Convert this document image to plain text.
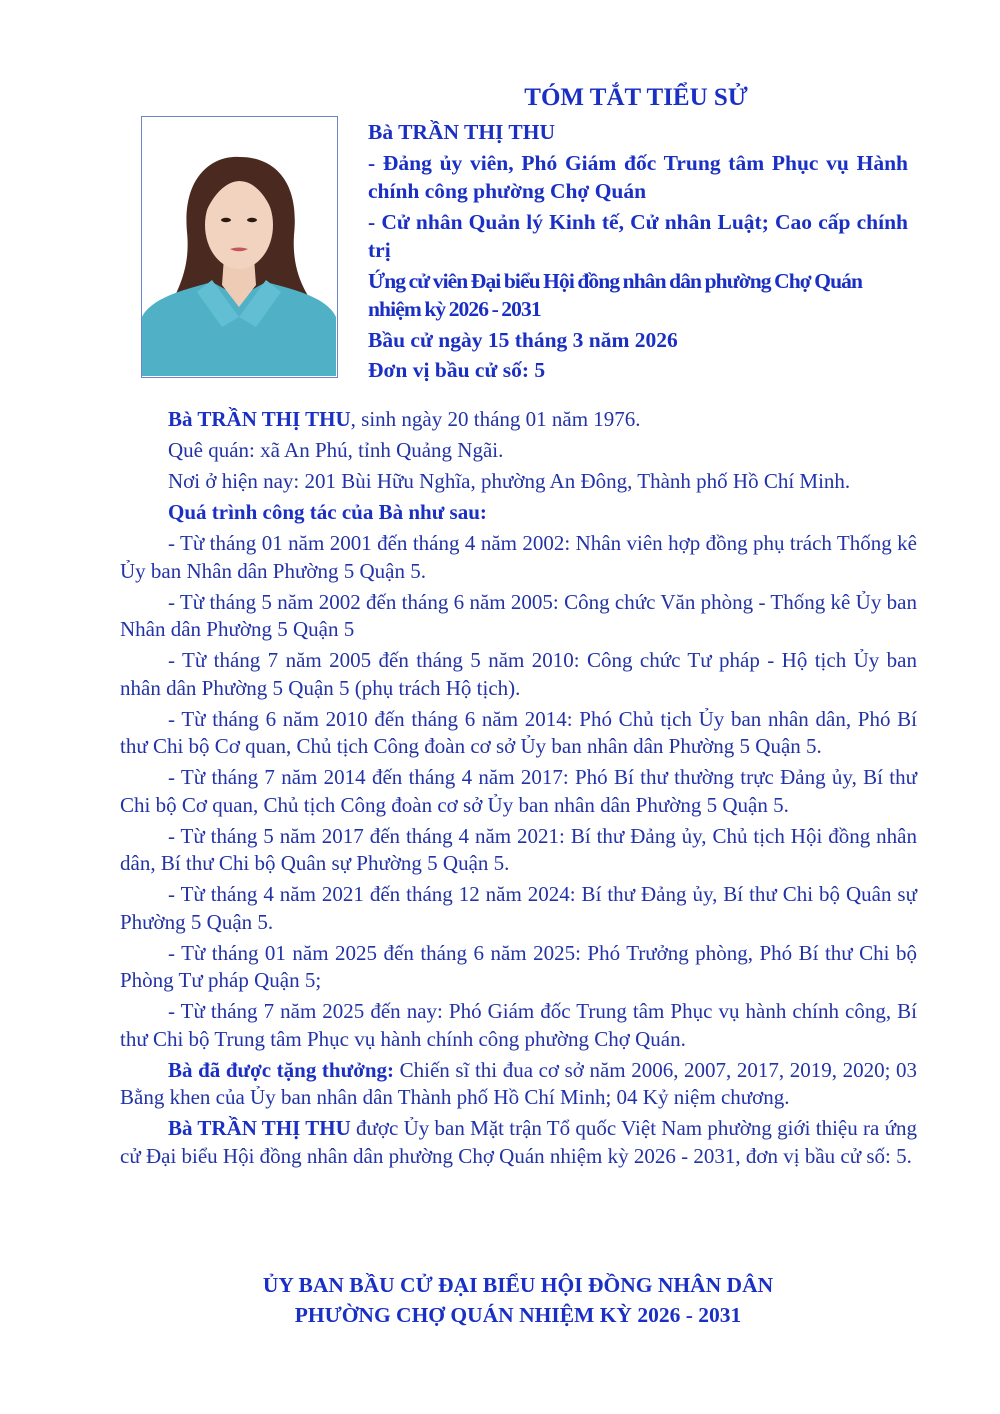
TÓM TẮT TIỂU SỬ
Bà TRẦN THỊ THU
- Đảng ủy viên, Phó Giám đốc Trung tâm Phục vụ Hành chính công phường Chợ Quán
- Cử nhân Quản lý Kinh tế, Cử nhân Luật; Cao cấp chính trị
Ứng cử viên Đại biểu Hội đồng nhân dân phường Chợ Quán nhiệm kỳ 2026 - 2031
Bầu cử ngày 15 tháng 3 năm 2026
Đơn vị bầu cử số: 5

Bà TRẦN THỊ THU, sinh ngày 20 tháng 01 năm 1976.

Quê quán: xã An Phú, tỉnh Quảng Ngãi.

Nơi ở hiện nay: 201 Bùi Hữu Nghĩa, phường An Đông, Thành phố Hồ Chí Minh.

Quá trình công tác của Bà như sau:

- Từ tháng 01 năm 2001 đến tháng 4 năm 2002: Nhân viên hợp đồng phụ trách Thống kê Ủy ban Nhân dân Phường 5 Quận 5.

- Từ tháng 5 năm 2002 đến tháng 6 năm 2005: Công chức Văn phòng - Thống kê Ủy ban Nhân dân Phường 5 Quận 5

- Từ tháng 7 năm 2005 đến tháng 5 năm 2010: Công chức Tư pháp - Hộ tịch Ủy ban nhân dân Phường 5 Quận 5 (phụ trách Hộ tịch).

- Từ tháng 6 năm 2010 đến tháng 6 năm 2014: Phó Chủ tịch Ủy ban nhân dân, Phó Bí thư Chi bộ Cơ quan, Chủ tịch Công đoàn cơ sở Ủy ban nhân dân Phường 5 Quận 5.

- Từ tháng 7 năm 2014 đến tháng 4 năm 2017: Phó Bí thư thường trực Đảng ủy, Bí thư Chi bộ Cơ quan, Chủ tịch Công đoàn cơ sở Ủy ban nhân dân Phường 5 Quận 5.

- Từ tháng 5 năm 2017 đến tháng 4 năm 2021: Bí thư Đảng ủy, Chủ tịch Hội đồng nhân dân, Bí thư Chi bộ Quân sự Phường 5 Quận 5.

- Từ tháng 4 năm 2021 đến tháng 12 năm 2024: Bí thư Đảng ủy, Bí thư Chi bộ Quân sự Phường 5 Quận 5.

- Từ tháng 01 năm 2025 đến tháng 6 năm 2025: Phó Trưởng phòng, Phó Bí thư Chi bộ Phòng Tư pháp Quận 5;

- Từ tháng 7 năm 2025 đến nay: Phó Giám đốc Trung tâm Phục vụ hành chính công, Bí thư Chi bộ Trung tâm Phục vụ hành chính công phường Chợ Quán.

Bà đã được tặng thưởng: Chiến sĩ thi đua cơ sở năm 2006, 2007, 2017, 2019, 2020; 03 Bằng khen của Ủy ban nhân dân Thành phố Hồ Chí Minh; 04 Kỷ niệm chương.

Bà TRẦN THỊ THU được Ủy ban Mặt trận Tổ quốc Việt Nam phường giới thiệu ra ứng cử Đại biểu Hội đồng nhân dân phường Chợ Quán nhiệm kỳ 2026 - 2031, đơn vị bầu cử số: 5.

ỦY BAN BẦU CỬ ĐẠI BIỂU HỘI ĐỒNG NHÂN DÂN
PHƯỜNG CHỢ QUÁN NHIỆM KỲ 2026 - 2031
